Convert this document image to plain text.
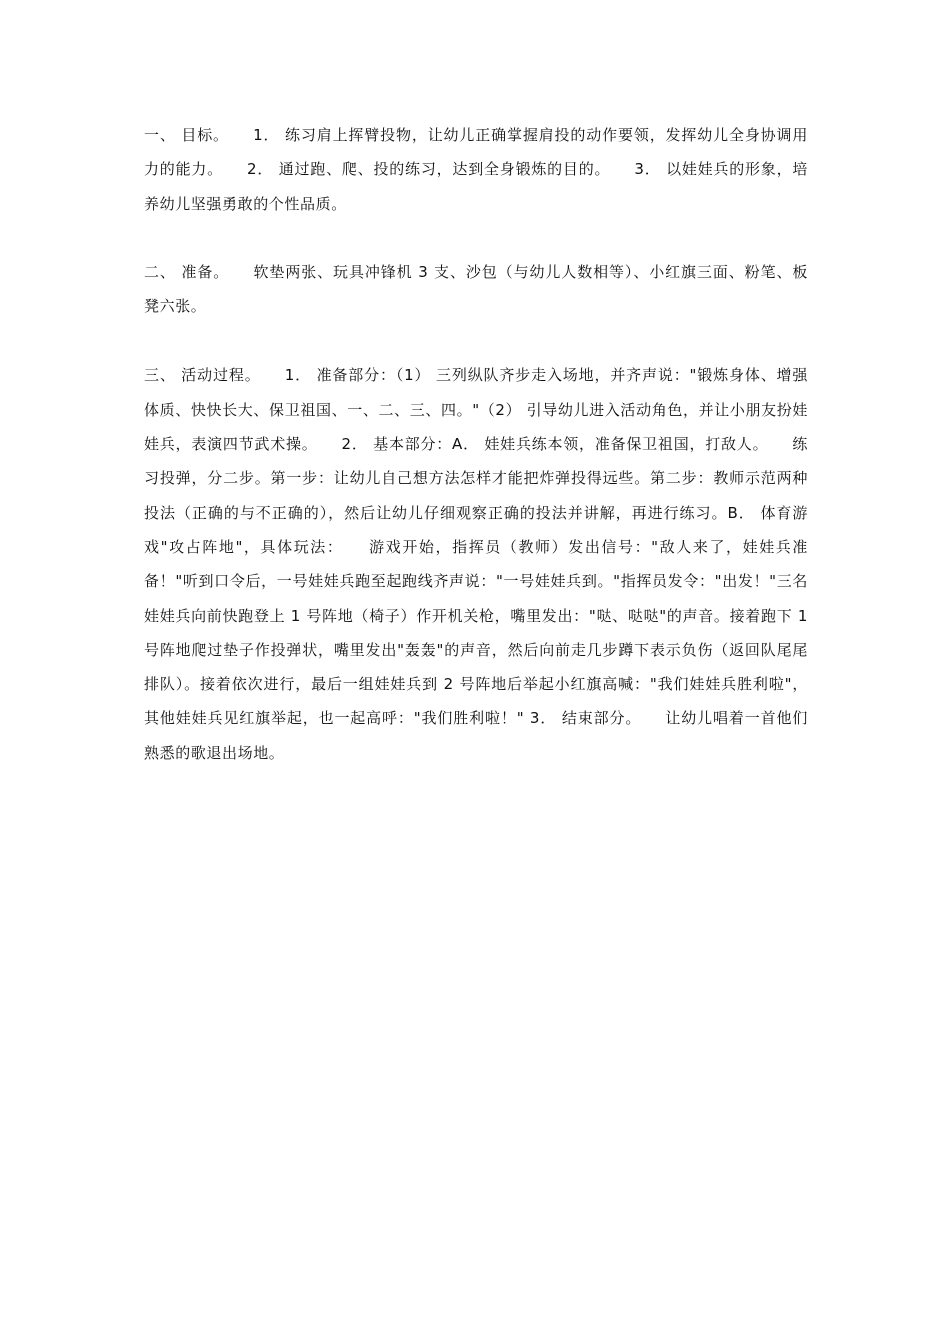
一、 目标。　　1． 练习肩上挥臂投物，让幼儿正确掌握肩投的动作要领，发挥幼儿全身协调用力的能力。　　2． 通过跑、爬、投的练习，达到全身锻炼的目的。　　3． 以娃娃兵的形象，培养幼儿坚强勇敢的个性品质。

二、 准备。　　软垫两张、玩具冲锋机 3 支、沙包（与幼儿人数相等）、小红旗三面、粉笔、板凳六张。

三、 活动过程。　　1． 准备部分：（1） 三列纵队齐步走入场地，并齐声说："锻炼身体、增强体质、快快长大、保卫祖国、一、二、三、四。"（2） 引导幼儿进入活动角色，并让小朋友扮娃娃兵，表演四节武术操。　　2． 基本部分：A． 娃娃兵练本领，准备保卫祖国，打敌人。　　练习投弹，分二步。第一步：让幼儿自己想方法怎样才能把炸弹投得远些。第二步：教师示范两种投法（正确的与不正确的），然后让幼儿仔细观察正确的投法并讲解，再进行练习。B． 体育游戏"攻占阵地"，具体玩法：　　游戏开始，指挥员（教师）发出信号："敌人来了，娃娃兵准备！"听到口令后，一号娃娃兵跑至起跑线齐声说："一号娃娃兵到。"指挥员发令："出发！"三名娃娃兵向前快跑登上 1 号阵地（椅子）作开机关枪，嘴里发出："哒、哒哒"的声音。接着跑下 1 号阵地爬过垫子作投弹状，嘴里发出"轰轰"的声音，然后向前走几步蹲下表示负伤（返回队尾尾排队）。接着依次进行，最后一组娃娃兵到 2 号阵地后举起小红旗高喊："我们娃娃兵胜利啦"，其他娃娃兵见红旗举起，也一起高呼："我们胜利啦！" 3． 结束部分。　　让幼儿唱着一首他们熟悉的歌退出场地。
